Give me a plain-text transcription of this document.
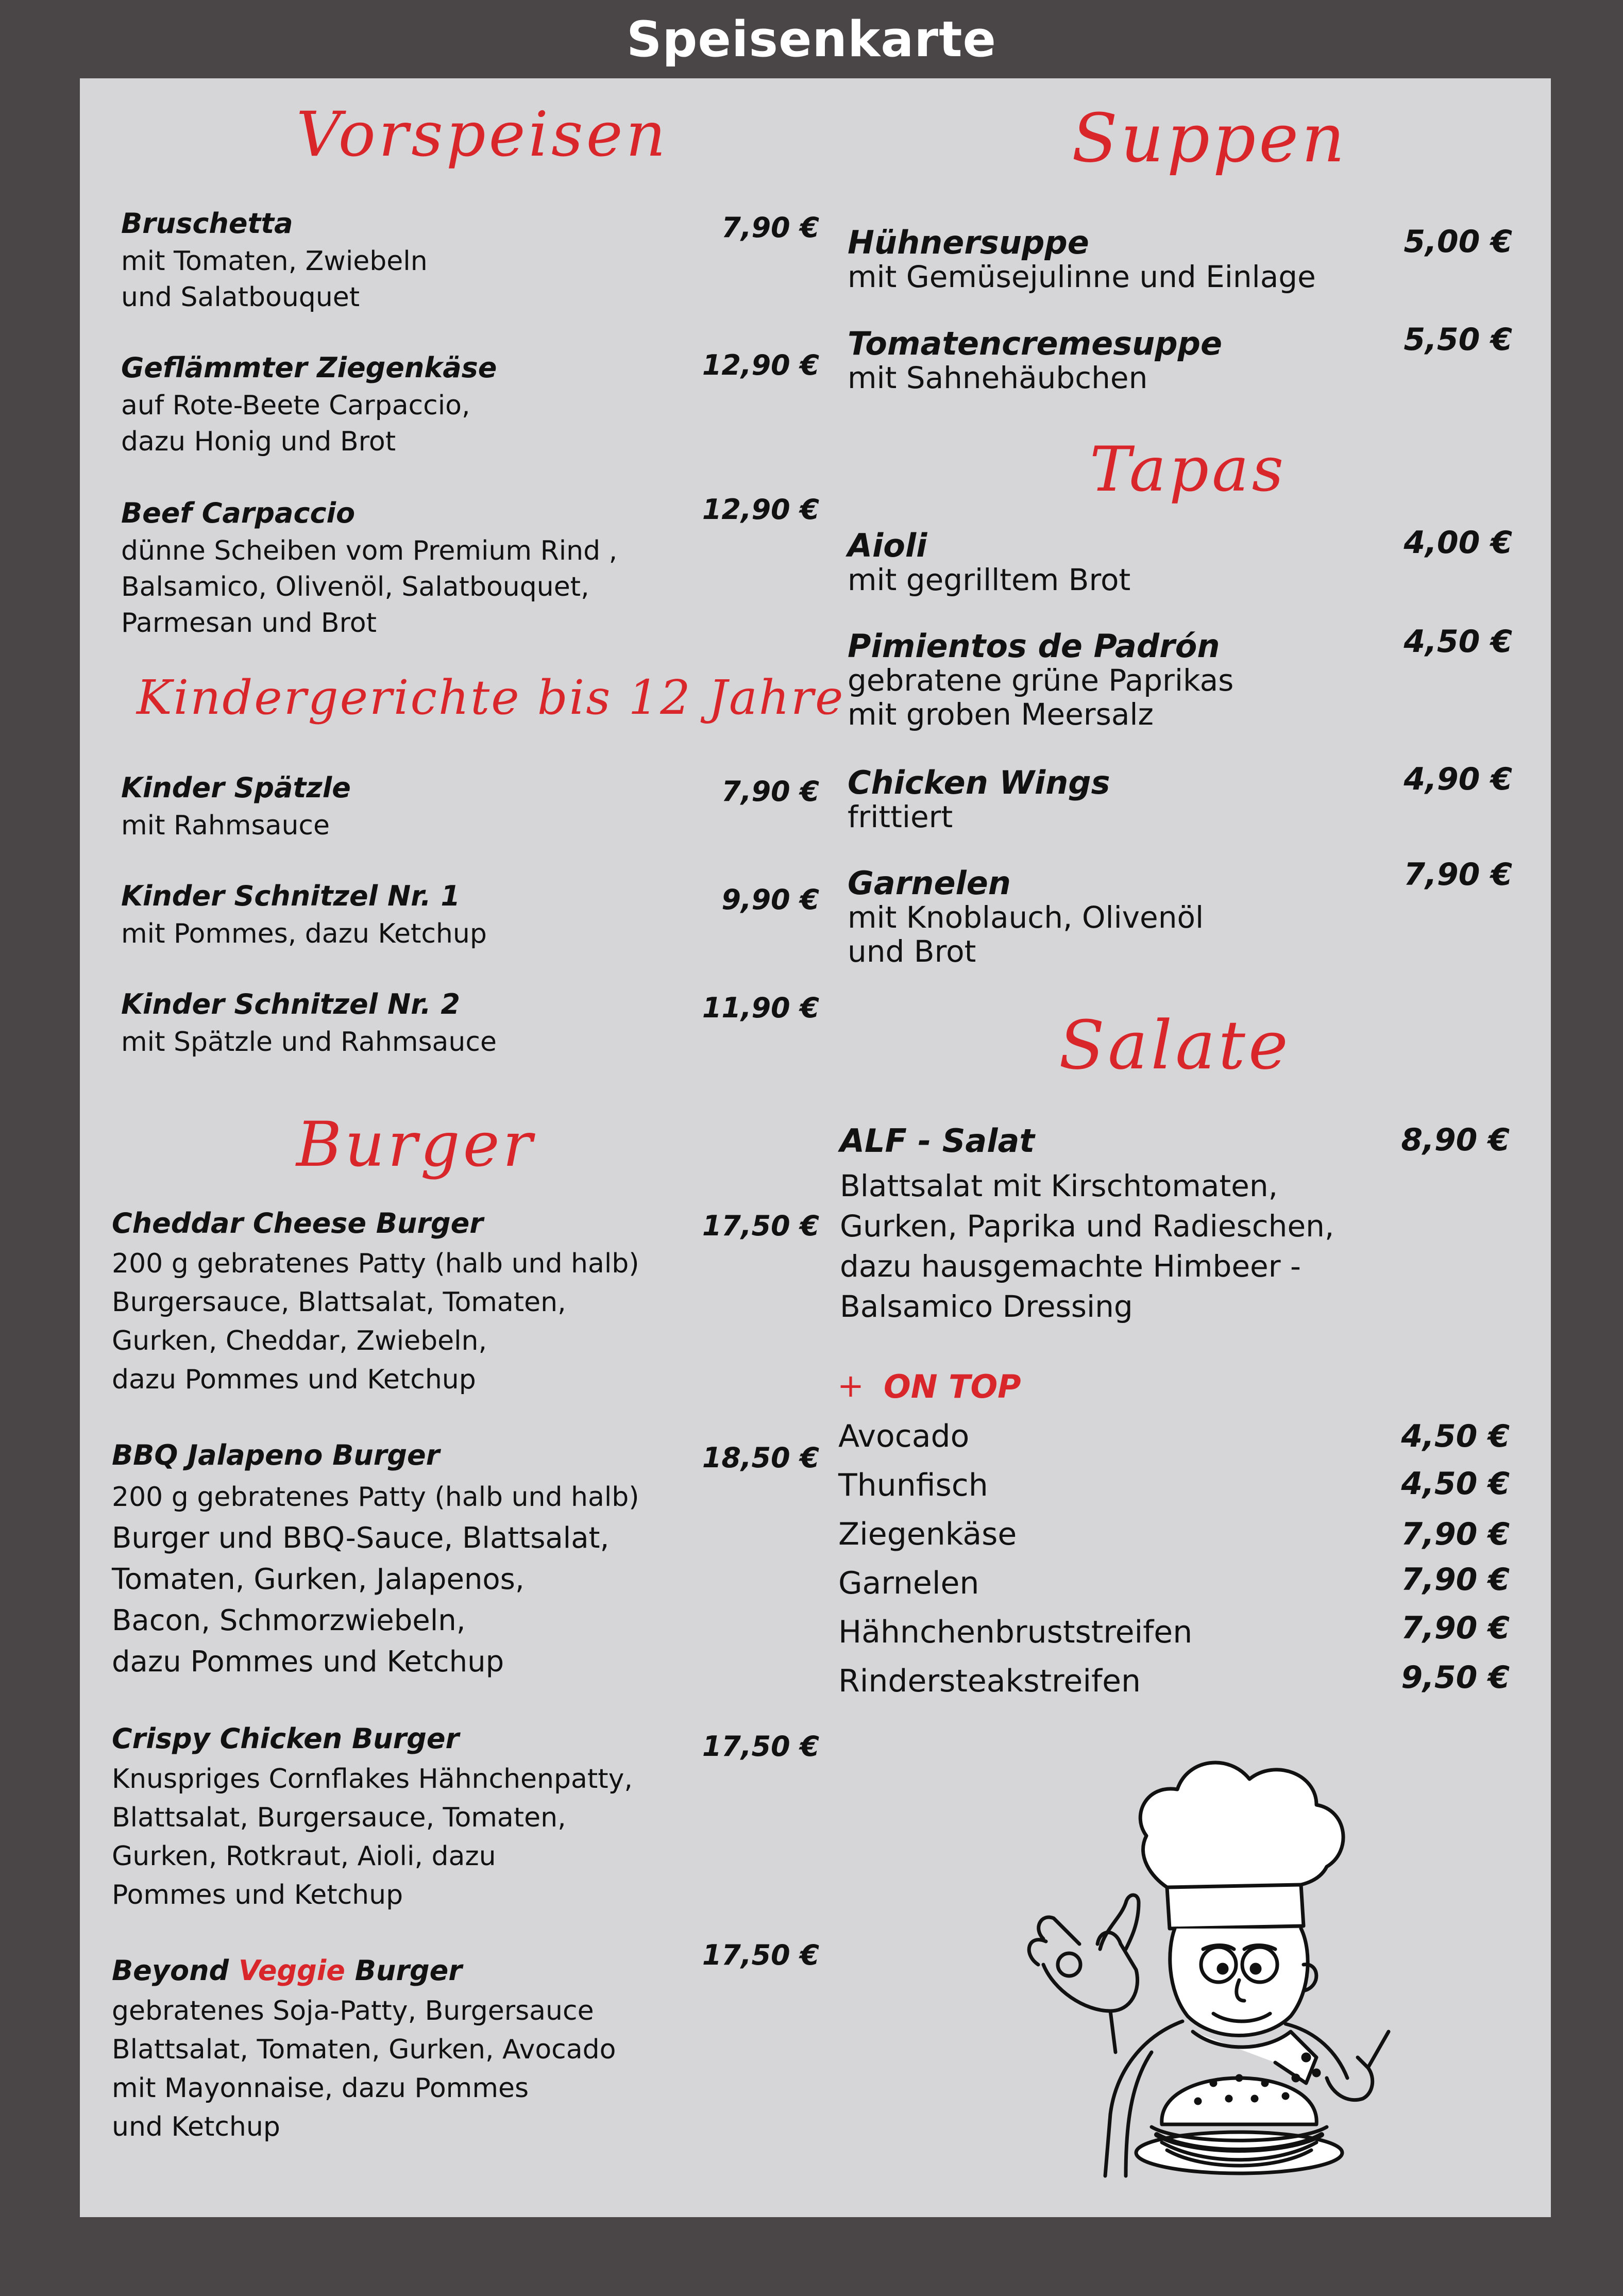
Speisenkarte
Vorspeisen
Bruschetta	7,90 €
mit Tomaten, Zwiebeln
und Salatbouquet
Geflämmter Ziegenkäse	12,90 €
auf Rote-Beete Carpaccio,
dazu Honig und Brot
Beef Carpaccio	12,90 €
dünne Scheiben vom Premium Rind ,
Balsamico, Olivenöl, Salatbouquet,
Parmesan und Brot
Kindergerichte bis 12 Jahre
Kinder Spätzle	7,90 €
mit Rahmsauce
Kinder Schnitzel Nr. 1	9,90 €
mit Pommes, dazu Ketchup
Kinder Schnitzel Nr. 2	11,90 €
mit Spätzle und Rahmsauce
Burger
Cheddar Cheese Burger	17,50 €
200 g gebratenes Patty (halb und halb)
Burgersauce, Blattsalat, Tomaten,
Gurken, Cheddar, Zwiebeln,
dazu Pommes und Ketchup
BBQ Jalapeno Burger	18,50 €
200 g gebratenes Patty (halb und halb)
Burger und BBQ-Sauce, Blattsalat,
Tomaten, Gurken, Jalapenos,
Bacon, Schmorzwiebeln,
dazu Pommes und Ketchup
Crispy Chicken Burger	17,50 €
Knuspriges Cornflakes Hähnchenpatty,
Blattsalat, Burgersauce, Tomaten,
Gurken, Rotkraut, Aioli, dazu
Pommes und Ketchup
Beyond Veggie Burger	17,50 €
gebratenes Soja-Patty, Burgersauce
Blattsalat, Tomaten, Gurken, Avocado
mit Mayonnaise, dazu Pommes
und Ketchup
Suppen
Hühnersuppe	5,00 €
mit Gemüsejulinne und Einlage
Tomatencremesuppe	5,50 €
mit Sahnehäubchen
Tapas
Aioli	4,00 €
mit gegrilltem Brot
Pimientos de Padrón	4,50 €
gebratene grüne Paprikas
mit groben Meersalz
Chicken Wings	4,90 €
frittiert
Garnelen	7,90 €
mit Knoblauch, Olivenöl
und Brot
Salate
ALF - Salat	8,90 €
Blattsalat mit Kirschtomaten,
Gurken, Paprika und Radieschen,
dazu hausgemachte Himbeer -
Balsamico Dressing
+ ON TOP
Avocado	4,50 €
Thunfisch	4,50 €
Ziegenkäse	7,90 €
Garnelen	7,90 €
Hähnchenbruststreifen	7,90 €
Rindersteakstreifen	9,50 €
